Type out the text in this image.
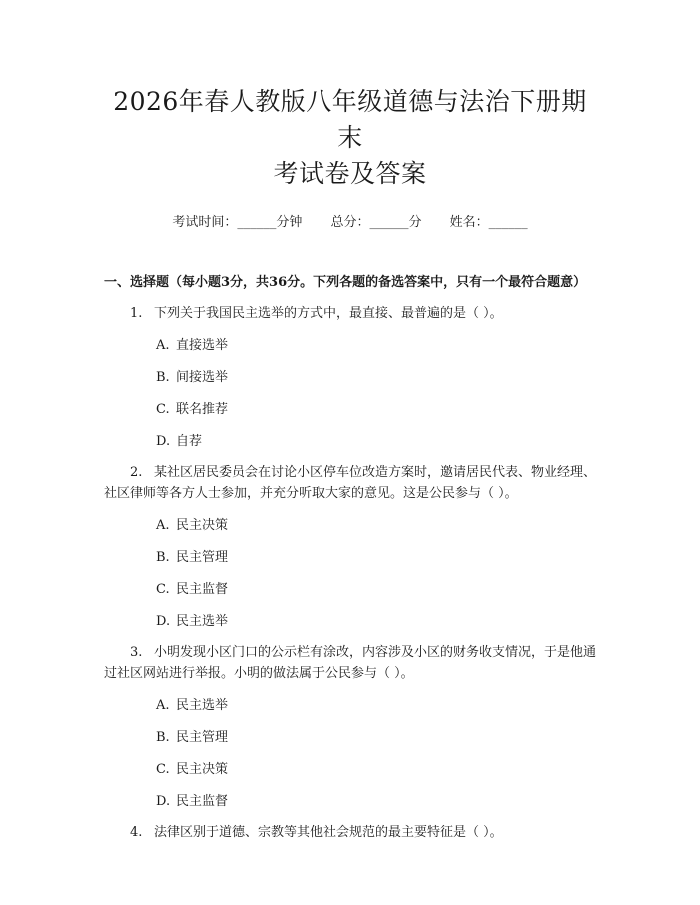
2026年春人教版八年级道德与法治下册期末
考试卷及答案
考试时间：______分钟 总分：______分 姓名：______
一、选择题（每小题3分，共36分。下列各题的备选答案中，只有一个最符合题意）
1. 下列关于我国民主选举的方式中，最直接、最普遍的是（ ）。
A. 直接选举
B. 间接选举
C. 联名推荐
D. 自荐
2. 某社区居民委员会在讨论小区停车位改造方案时，邀请居民代表、物业经理、社区律师等各方人士参加，并充分听取大家的意见。这是公民参与（ ）。
A. 民主决策
B. 民主管理
C. 民主监督
D. 民主选举
3. 小明发现小区门口的公示栏有涂改，内容涉及小区的财务收支情况，于是他通过社区网站进行举报。小明的做法属于公民参与（ ）。
A. 民主选举
B. 民主管理
C. 民主决策
D. 民主监督
4. 法律区别于道德、宗教等其他社会规范的最主要特征是（ ）。
